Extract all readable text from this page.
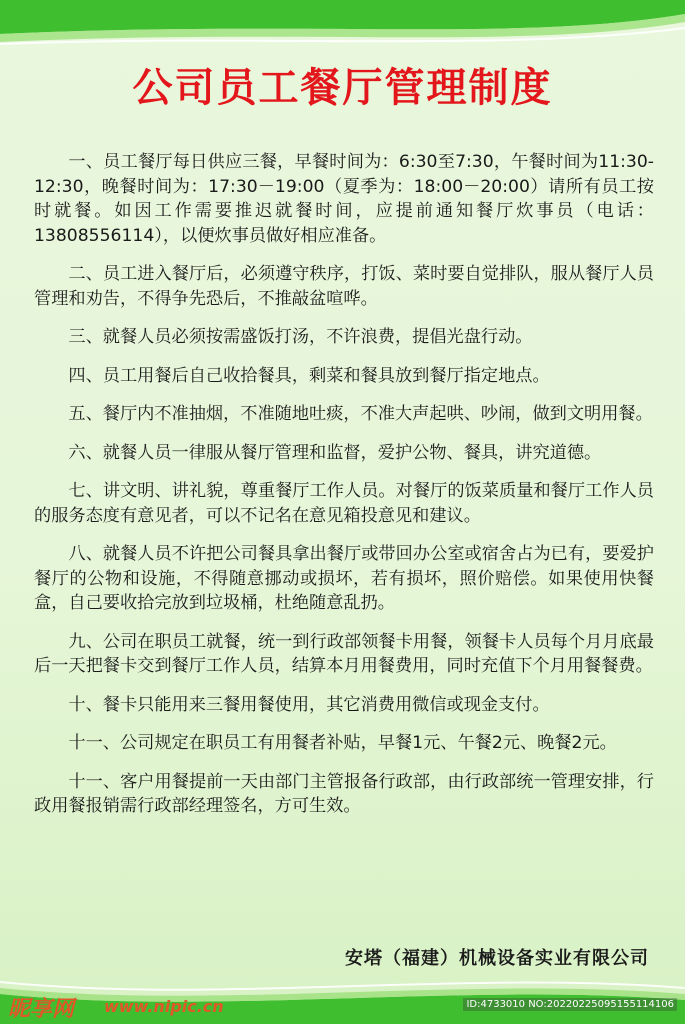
公司员工餐厅管理制度

一、员工餐厅每日供应三餐，早餐时间为：6:30至7:30，午餐时间为11:30-12:30，晚餐时间为：17:30－19:00（夏季为：18:00－20:00）请所有员工按时就餐。如因工作需要推迟就餐时间，应提前通知餐厅炊事员（电话：13808556114），以便炊事员做好相应准备。

二、员工进入餐厅后，必须遵守秩序，打饭、菜时要自觉排队，服从餐厅人员管理和劝告，不得争先恐后，不推敲盆喧哗。

三、就餐人员必须按需盛饭打汤，不许浪费，提倡光盘行动。

四、员工用餐后自己收拾餐具，剩菜和餐具放到餐厅指定地点。

五、餐厅内不准抽烟，不准随地吐痰，不准大声起哄、吵闹，做到文明用餐。

六、就餐人员一律服从餐厅管理和监督，爱护公物、餐具，讲究道德。

七、讲文明、讲礼貌，尊重餐厅工作人员。对餐厅的饭菜质量和餐厅工作人员的服务态度有意见者，可以不记名在意见箱投意见和建议。

八、就餐人员不许把公司餐具拿出餐厅或带回办公室或宿舍占为已有，要爱护餐厅的公物和设施，不得随意挪动或损坏，若有损坏，照价赔偿。如果使用快餐盒，自己要收拾完放到垃圾桶，杜绝随意乱扔。

九、公司在职员工就餐，统一到行政部领餐卡用餐，领餐卡人员每个月月底最后一天把餐卡交到餐厅工作人员，结算本月用餐费用，同时充值下个月用餐餐费。

十、餐卡只能用来三餐用餐使用，其它消费用微信或现金支付。

十一、公司规定在职员工有用餐者补贴，早餐1元、午餐2元、晚餐2元。

十一、客户用餐提前一天由部门主管报备行政部，由行政部统一管理安排，行政用餐报销需行政部经理签名，方可生效。

安塔（福建）机械设备实业有限公司
昵享网 www.nipic.cn	ID:4733010 NO:20220225095155114106
